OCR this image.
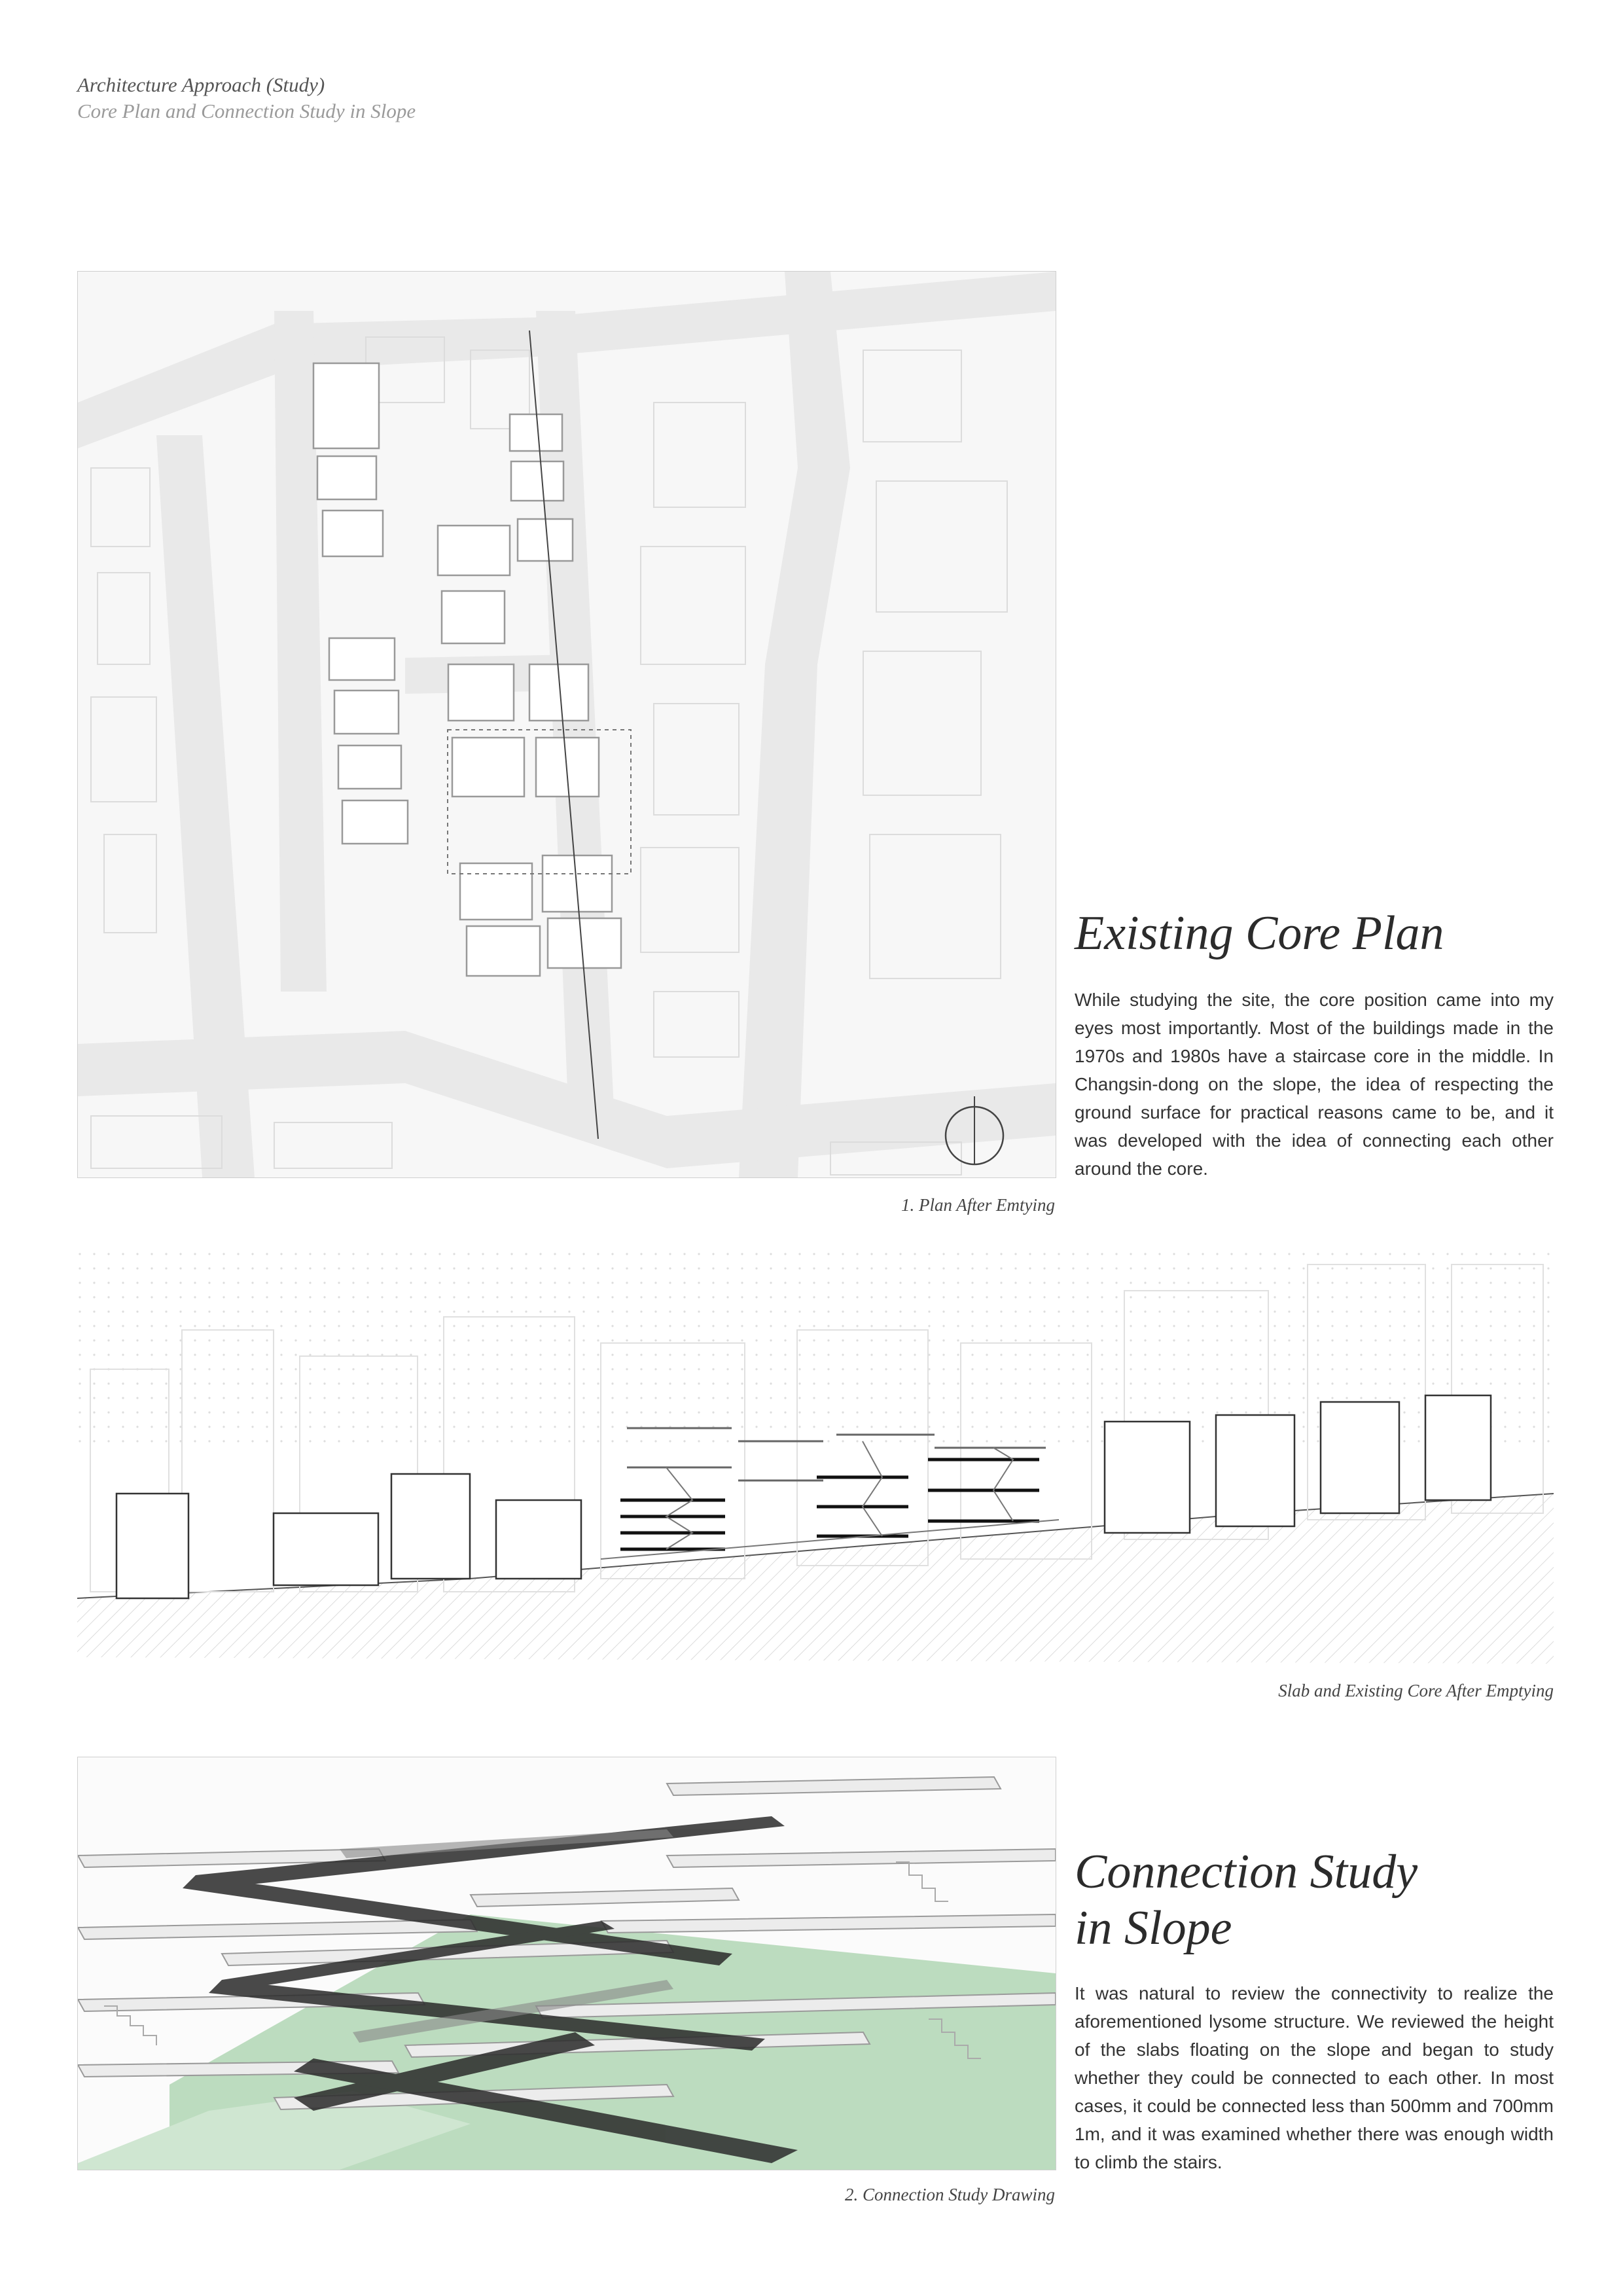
Architecture Approach (Study)
Core Plan and Connection Study in Slope
1. Plan After Emtying
Existing Core Plan
While studying the site, the core position came into my eyes most importantly. Most of the buildings made in the 1970s and 1980s have a staircase core in the middle. In Changsin-dong on the slope, the idea of respecting the ground surface for practical reasons came to be, and it was developed with the idea of connecting each other around the core.
Slab and Existing Core After Emptying
2. Connection Study Drawing
Connection Study
in Slope
It was natural to review the connectivity to realize the aforementioned lysome structure. We reviewed the height of the slabs floating on the slope and began to study whether they could be connected to each other. In most cases, it could be connected less than 500mm and 700mm 1m, and it was examined whether there was enough width to climb the stairs.
